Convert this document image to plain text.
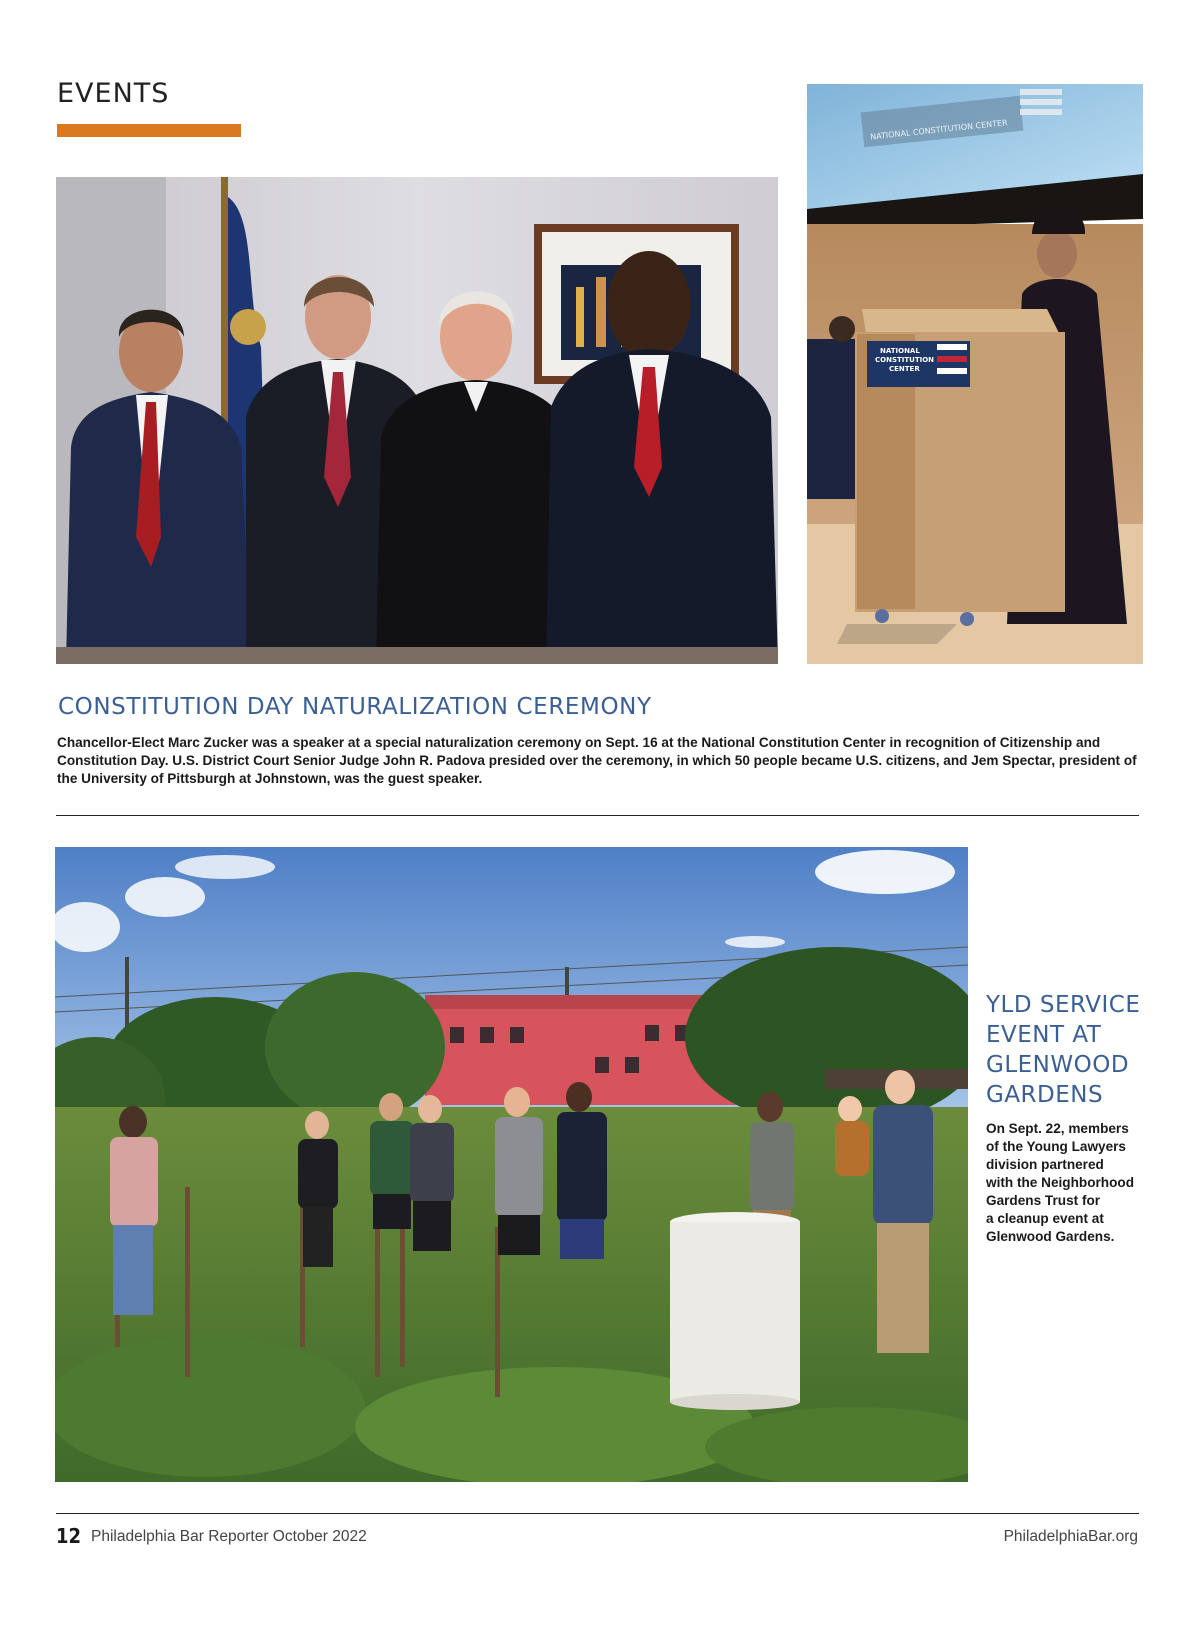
EVENTS
NATIONAL CONSTITUTION CENTER
NATIONAL CONSTITUTION CENTER
CONSTITUTION DAY NATURALIZATION CEREMONY

Chancellor-Elect Marc Zucker was a speaker at a special naturalization ceremony on Sept. 16 at the National Constitution Center in recognition of Citizenship and Constitution Day. U.S. District Court Senior Judge John R. Padova presided over the ceremony, in which 50 people became U.S. citizens, and Jem Spectar, president of the University of Pittsburgh at Johnstown, was the guest speaker.

YLD SERVICE
EVENT AT
GLENWOOD
GARDENS

On Sept. 22, members
of the Young Lawyers
division partnered
with the Neighborhood
Gardens Trust for
a cleanup event at
Glenwood Gardens.

12 Philadelphia Bar Reporter October 2022	PhiladelphiaBar.org
